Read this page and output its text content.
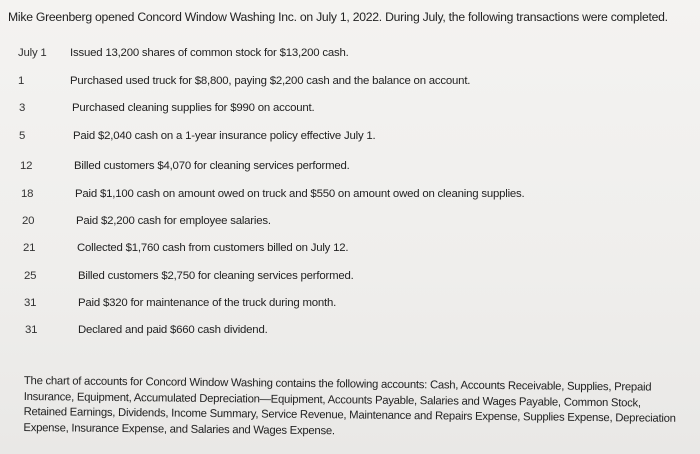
Mike Greenberg opened Concord Window Washing Inc. on July 1, 2022. During July, the following transactions were completed.
July 1 Issued 13,200 shares of common stock for $13,200 cash.
1	Purchased used truck for $8,800, paying $2,200 cash and the balance on account.
3	Purchased cleaning supplies for $990 on account.
5	Paid $2,040 cash on a 1-year insurance policy effective July 1.
12	Billed customers $4,070 for cleaning services performed.
18	Paid $1,100 cash on amount owed on truck and $550 on amount owed on cleaning supplies.
20	Paid $2,200 cash for employee salaries.
21	Collected $1,760 cash from customers billed on July 12.
25	Billed customers $2,750 for cleaning services performed.
31	Paid $320 for maintenance of the truck during month.
31	Declared and paid $660 cash dividend.
The chart of accounts for Concord Window Washing contains the following accounts: Cash, Accounts Receivable, Supplies, Prepaid
Insurance, Equipment, Accumulated Depreciation—Equipment, Accounts Payable, Salaries and Wages Payable, Common Stock,
Retained Earnings, Dividends, Income Summary, Service Revenue, Maintenance and Repairs Expense, Supplies Expense, Depreciation
Expense, Insurance Expense, and Salaries and Wages Expense.
